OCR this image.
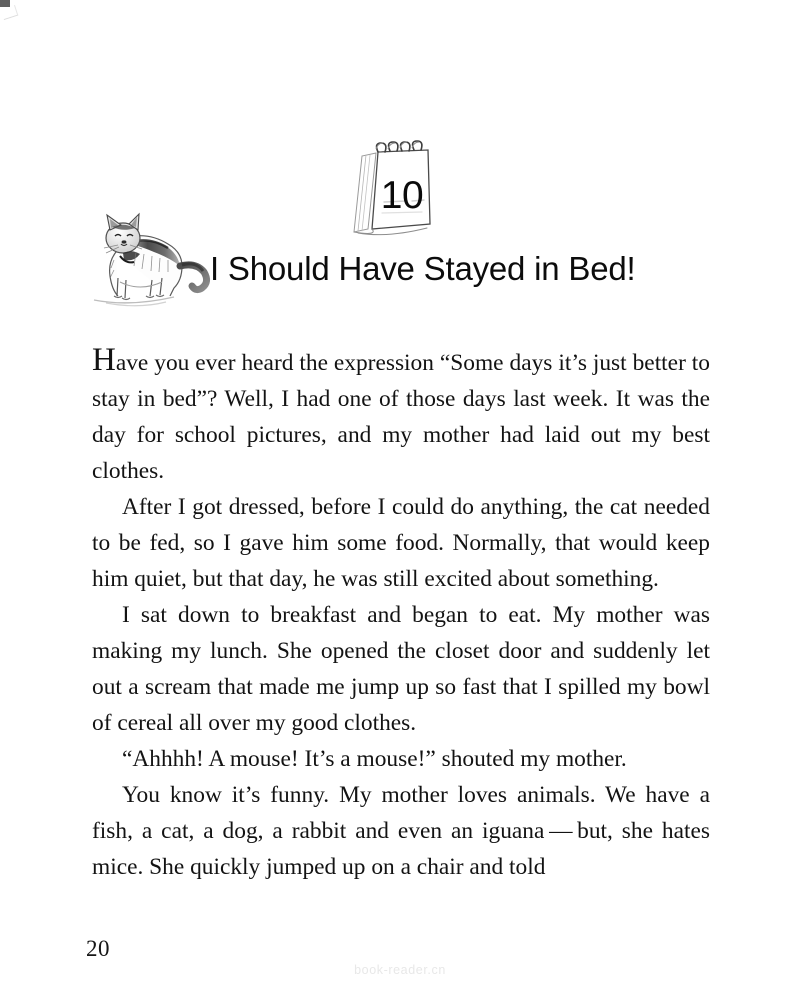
10
I Should Have Stayed in Bed!

Have you ever heard the expression “Some days it’s just better to stay in bed”? Well, I had one of those days last week. It was the day for school pictures, and my mother had laid out my best clothes.

After I got dressed, before I could do anything, the cat needed to be fed, so I gave him some food. Normally, that would keep him quiet, but that day, he was still excited about something.

I sat down to breakfast and began to eat. My mother was making my lunch. She opened the closet door and suddenly let out a scream that made me jump up so fast that I spilled my bowl of cereal all over my good clothes.

“Ahhhh! A mouse! It’s a mouse!” shouted my mother.

You know it’s funny. My mother loves animals. We have a fish, a cat, a dog, a rabbit and even an iguana — but, she hates mice. She quickly jumped up on a chair and told

20
book-reader.cn
